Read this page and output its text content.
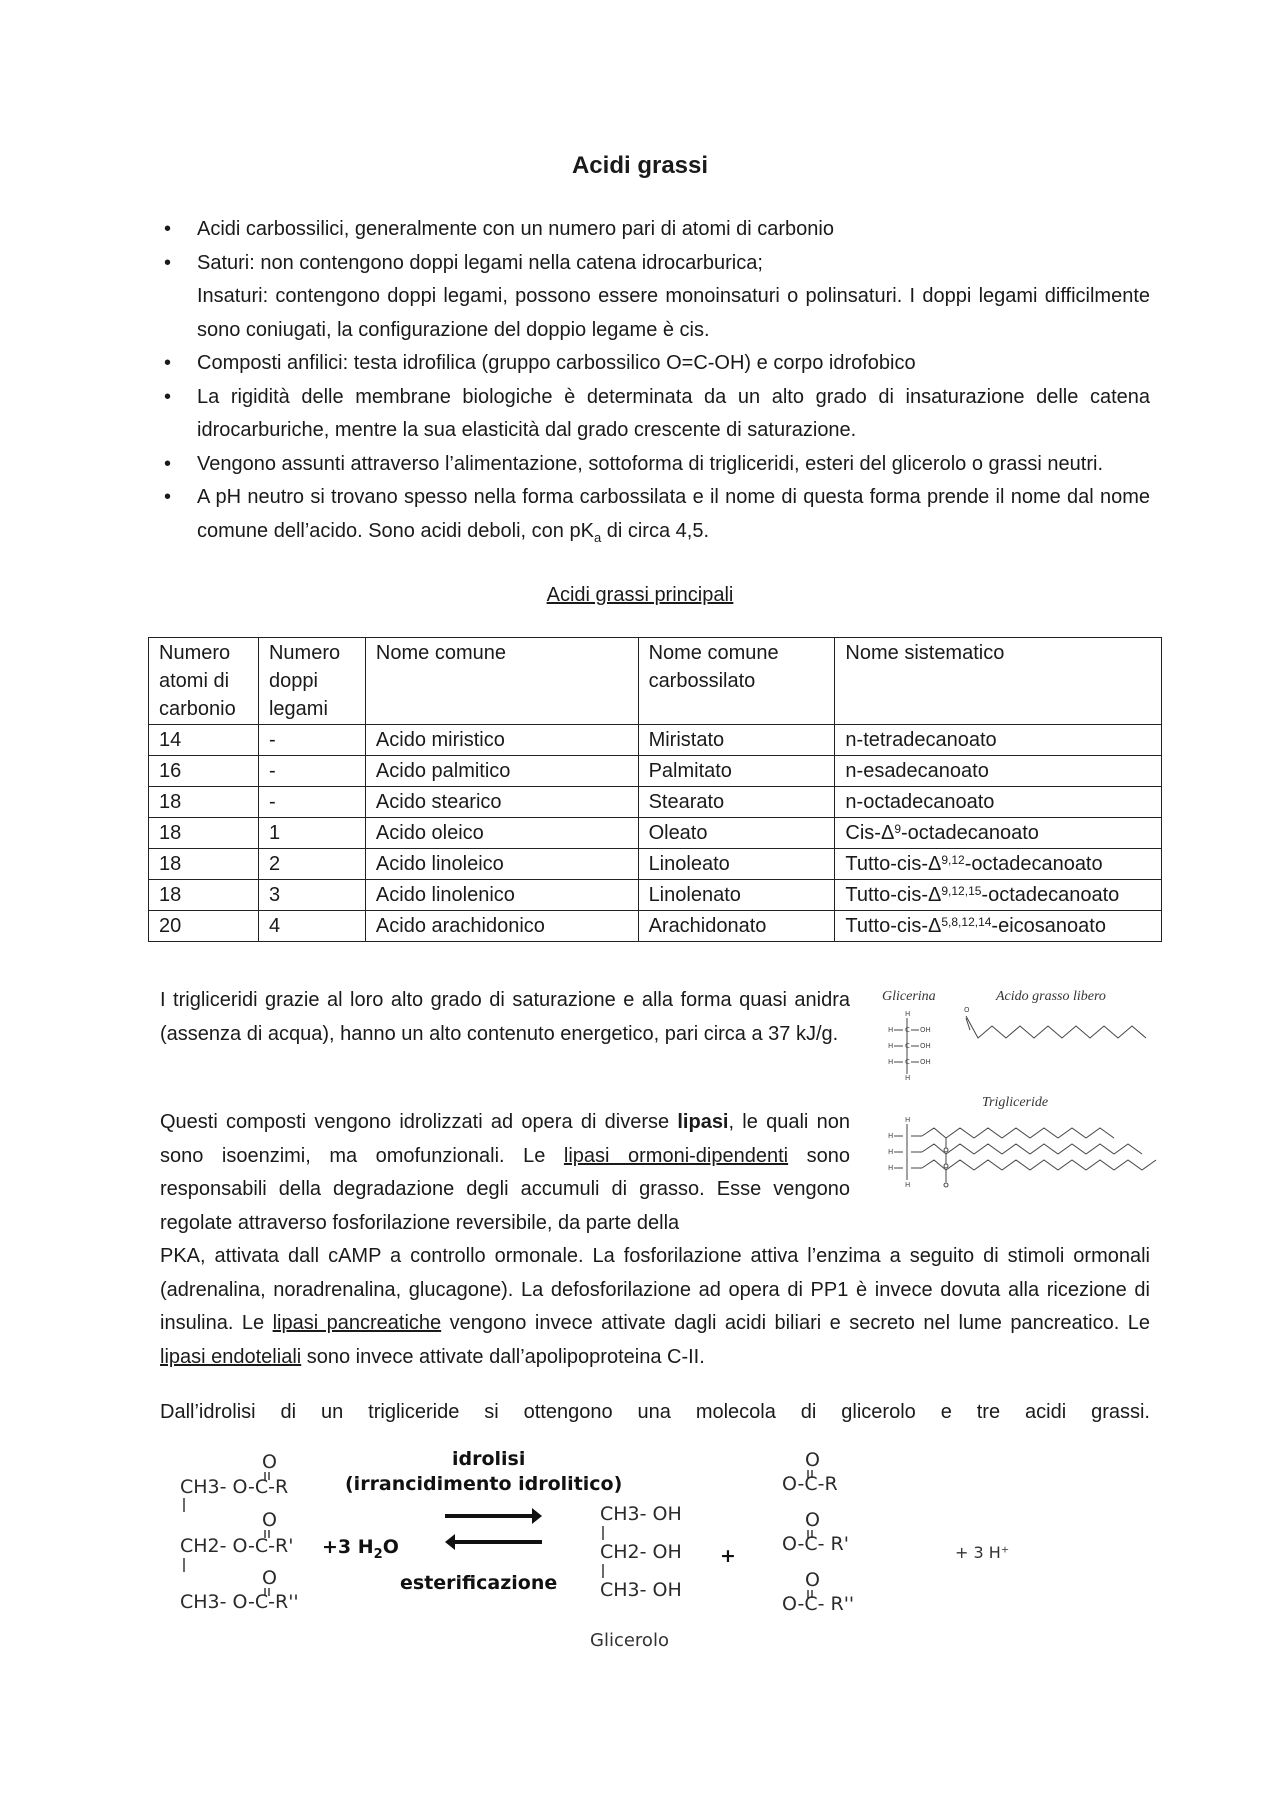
Acidi grassi
• Acidi carbossilici, generalmente con un numero pari di atomi di carbonio
• Saturi: non contengono doppi legami nella catena idrocarburica;
Insaturi: contengono doppi legami, possono essere monoinsaturi o polinsaturi. I doppi legami difficilmente sono coniugati, la configurazione del doppio legame è cis.
• Composti anfilici: testa idrofilica (gruppo carbossilico O=C-OH) e corpo idrofobico
• La rigidità delle membrane biologiche è determinata da un alto grado di insaturazione delle catena idrocarburiche, mentre la sua elasticità dal grado crescente di saturazione.
• Vengono assunti attraverso l’alimentazione, sottoforma di trigliceridi, esteri del glicerolo o grassi neutri.
• A pH neutro si trovano spesso nella forma carbossilata e il nome di questa forma prende il nome dal nome comune dell’acido. Sono acidi deboli, con $pK_a$ di circa 4,5.
Acidi grassi principali
Numero atomi di carbonio	Numero doppi legami	Nome comune	Nome comune carbossilato	Nome sistematico
14	-	Acido miristico	Miristato	n-tetradecanoato
16	-	Acido palmitico	Palmitato	n-esadecanoato
18	-	Acido stearico	Stearato	n-octadecanoato
18	1	Acido oleico	Oleato	Cis-$\Delta^9$-octadecanoato
18	2	Acido linoleico	Linoleato	Tutto-$cis-\Delta^{9,12}$-octadecanoato
18	3	Acido linolenico	Linolenato	Tutto-$cis-\Delta^{9,12,15}$-octadecanoato
20	4	Acido arachidonico	Arachidonato	Tutto-$cis-\Delta^{5,8,12,14}$-eicosanoato

I trigliceridi grazie al loro alto grado di saturazione e alla forma quasi anidra (assenza di acqua), hanno un alto contenuto energetico, pari circa a 37 kJ/g.

Questi composti vengono idrolizzati ad opera di diverse lipasi, le quali non sono isoenzimi, ma omofunzionali. Le lipasi ormoni-dipendenti sono responsabili della degradazione degli accumuli di grasso. Esse vengono regolate attraverso fosforilazione reversibile, da parte della

PKA, attivata dall cAMP a controllo ormonale. La fosforilazione attiva l’enzima a seguito di stimoli ormonali (adrenalina, noradrenalina, glucagone). La defosforilazione ad opera di PP1 è invece dovuta alla ricezione di insulina. Le lipasi pancreatiche vengono invece attivate dagli acidi biliari e secreto nel lume pancreatico. Le lipasi endoteliali sono invece attivate dall’apolipoproteina C-II.

Dall’idrolisi di un trigliceride si ottengono una molecola di glicerolo e tre acidi grassi.

Glicerina	Acido grasso libero
Trigliceride
H
H C OH
H C OH
H C OH
H
O
H
H
H
H
H
O
CH3- O-C-R
O
CH2- O-C-R'
O
CH3- O-C-R''
CH3- OH
CH2- OH
CH3- OH
O
O-C-R
O
O-C- R'
O
O-C- R''
idrolisi
(irrancidimento idrolitico)
esterificazione
+3 $H_2O$	+	+ 3 H⁺
Glicerolo
